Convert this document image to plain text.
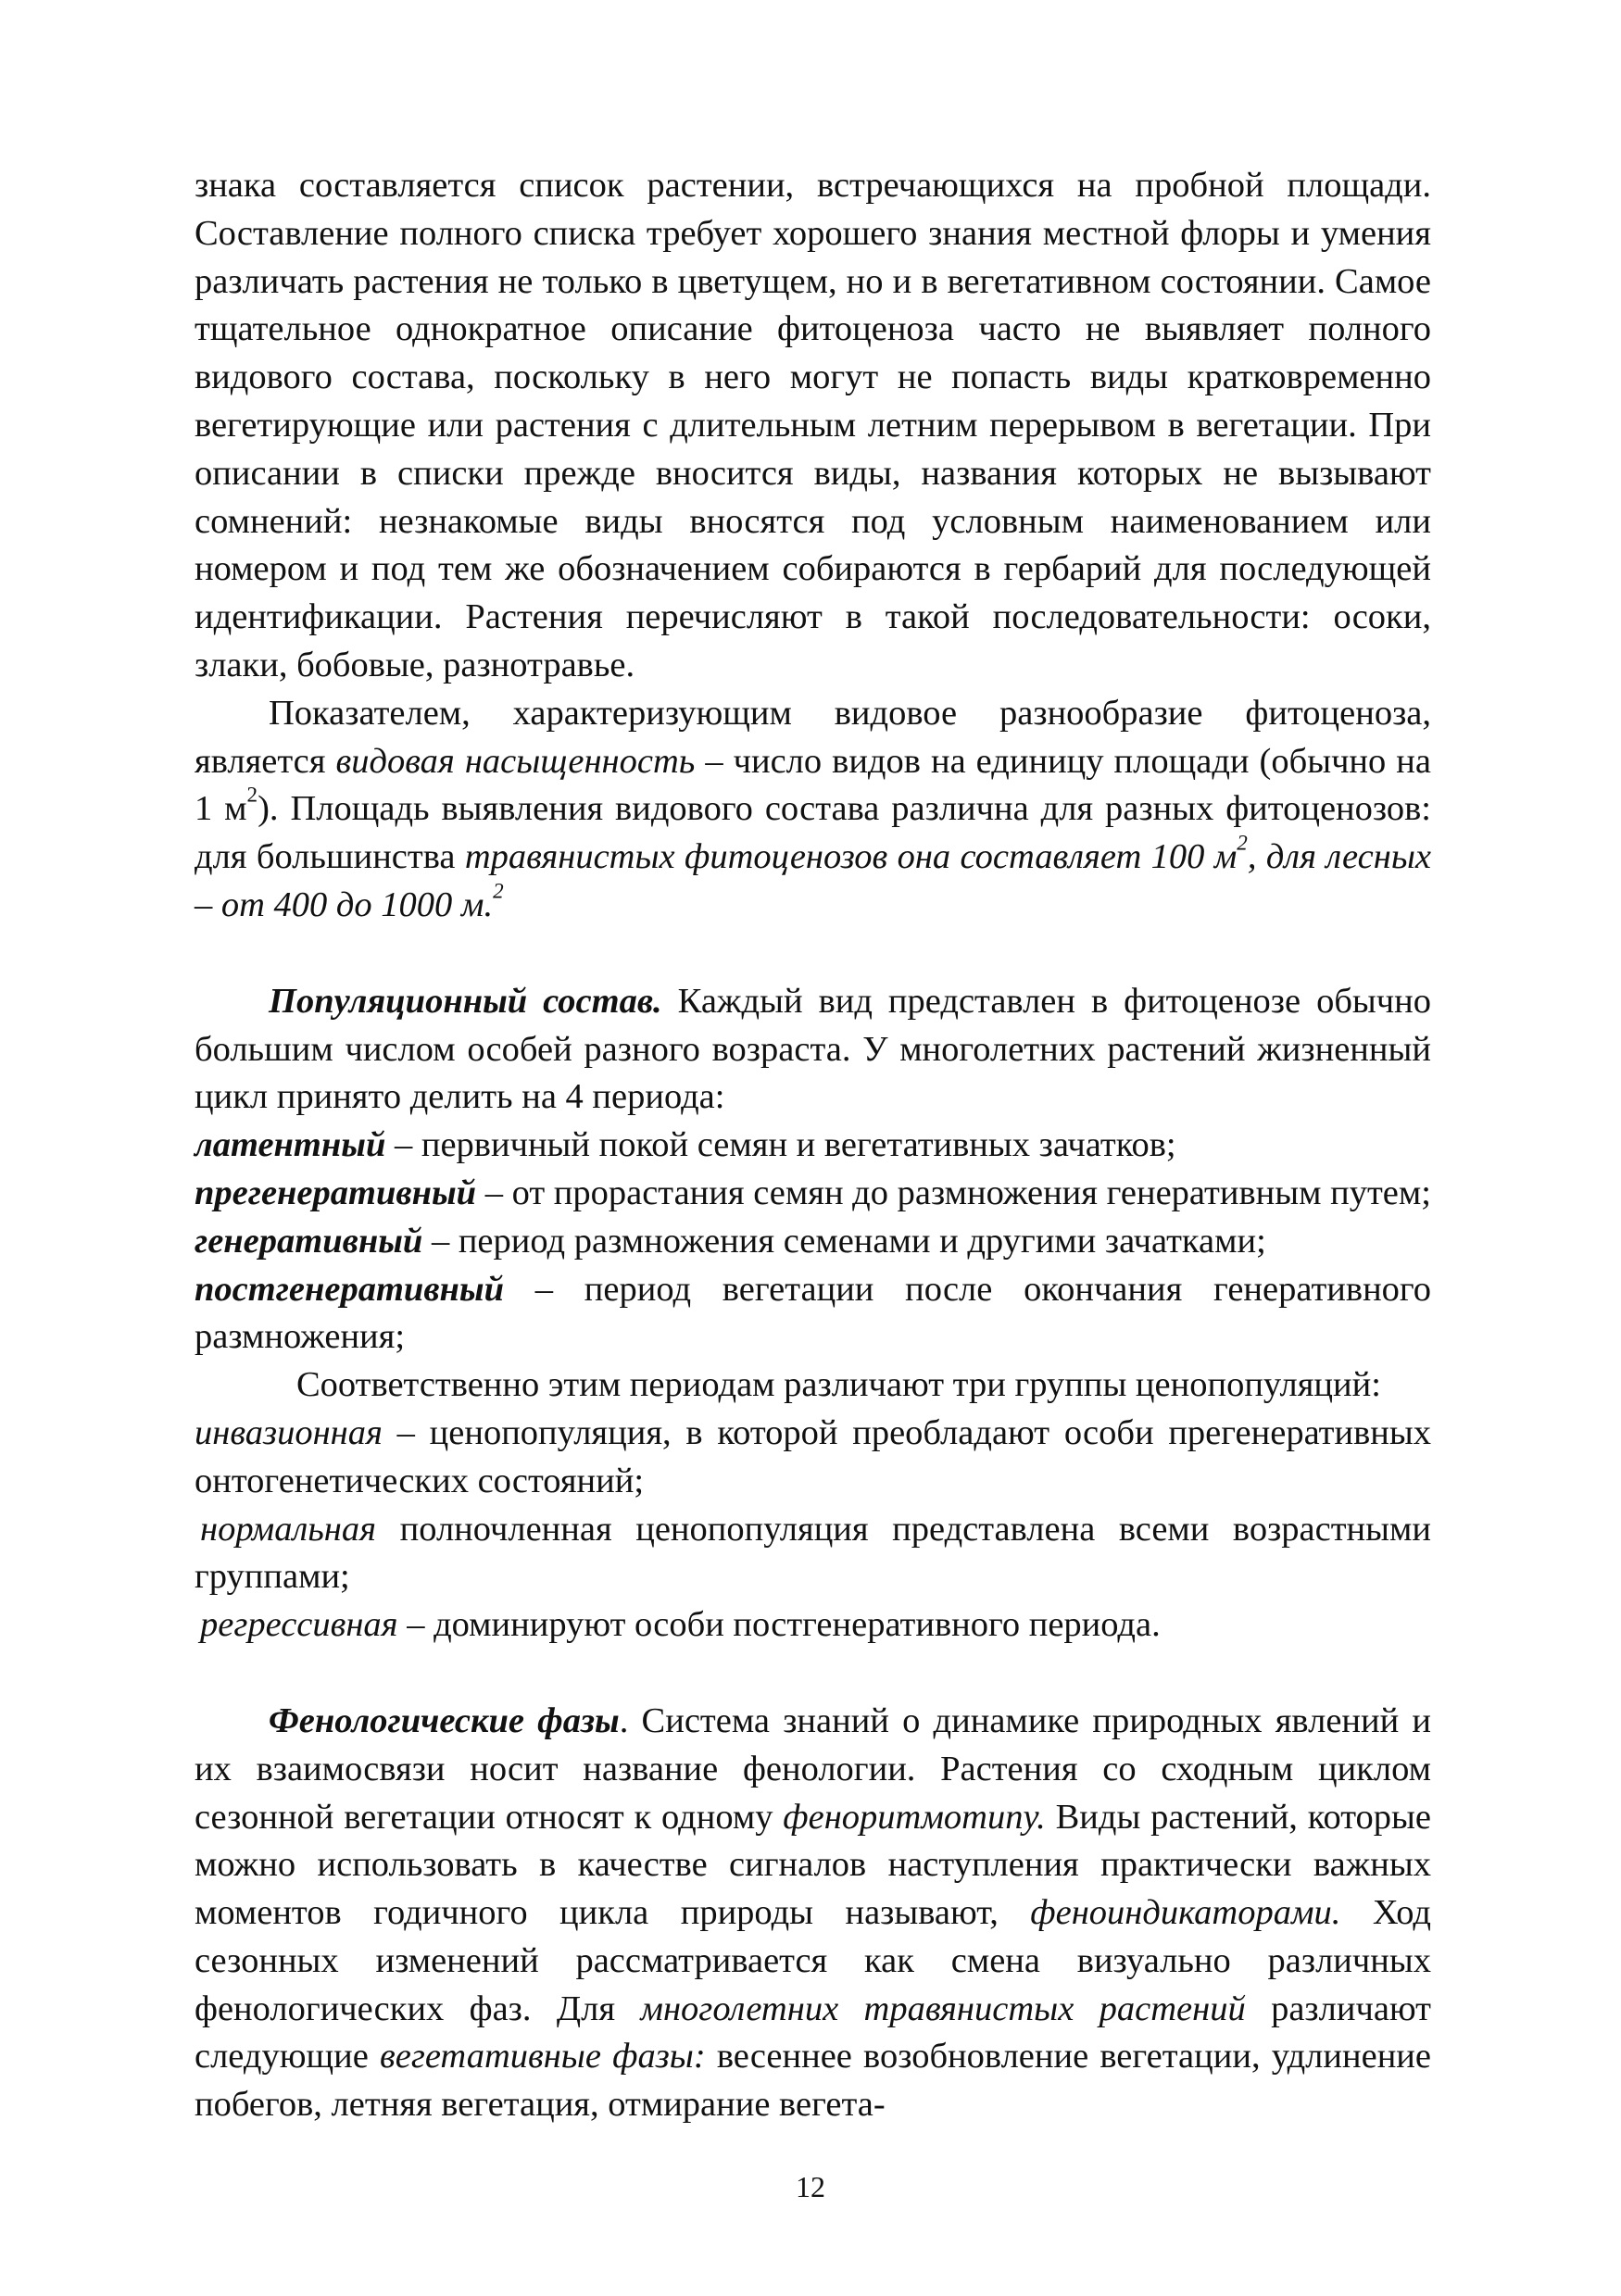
знака составляется список растении, встречающихся на пробной площади. Составление полного списка требует хорошего знания местной флоры и умения различать растения не только в цветущем, но и в вегетативном состоянии. Самое тщательное однократное описание фитоценоза часто не выявляет полного видового состава, поскольку в него могут не попасть виды кратковременно вегетирующие или растения с длительным летним перерывом в вегетации. При описании в списки прежде вносится виды, названия которых не вызывают сомнений: незнакомые виды вносятся под условным наименованием или номером и под тем же обозначением собираются в гербарий для последующей идентификации. Растения перечисляют в такой последовательности: осоки, злаки, бобовые, разнотравье.

Показателем, характеризующим видовое разнообразие фитоценоза, является видовая насыщенность – число видов на единицу площади (обычно на 1 $м^2$). Площадь выявления видового состава различна для разных фитоценозов: для большинства травянистых фитоценозов она составляет 100 $м^2$, для лесных – от 400 до 1000 м.$^2$

Популяционный состав. Каждый вид представлен в фитоценозе обычно большим числом особей разного возраста. У многолетних растений жизненный цикл принято делить на 4 периода:

латентный – первичный покой семян и вегетативных зачатков;

прегенеративный – от прорастания семян до размножения генеративным путем;

генеративный – период размножения семенами и другими зачатками;

постгенеративный – период вегетации после окончания генеративного размножения;

Соответственно этим периодам различают три группы ценопопуляций:

инвазионная – ценопопуляция, в которой преобладают особи прегенеративных онтогенетических состояний;

нормальная полночленная ценопопуляция представлена всеми возрастными группами;

регрессивная – доминируют особи постгенеративного периода.

Фенологические фазы. Система знаний о динамике природных явлений и их взаимосвязи носит название фенологии. Растения со сходным циклом сезонной вегетации относят к одному феноритмотипу. Виды растений, которые можно использовать в качестве сигналов наступления практически важных моментов годичного цикла природы называют, феноиндикаторами. Ход сезонных изменений рассматривается как смена визуально различных фенологических фаз. Для многолетних травянистых растений различают следующие вегетативные фазы: весеннее возобновление вегетации, удлинение побегов, летняя вегетация, отмирание вегета-

12
